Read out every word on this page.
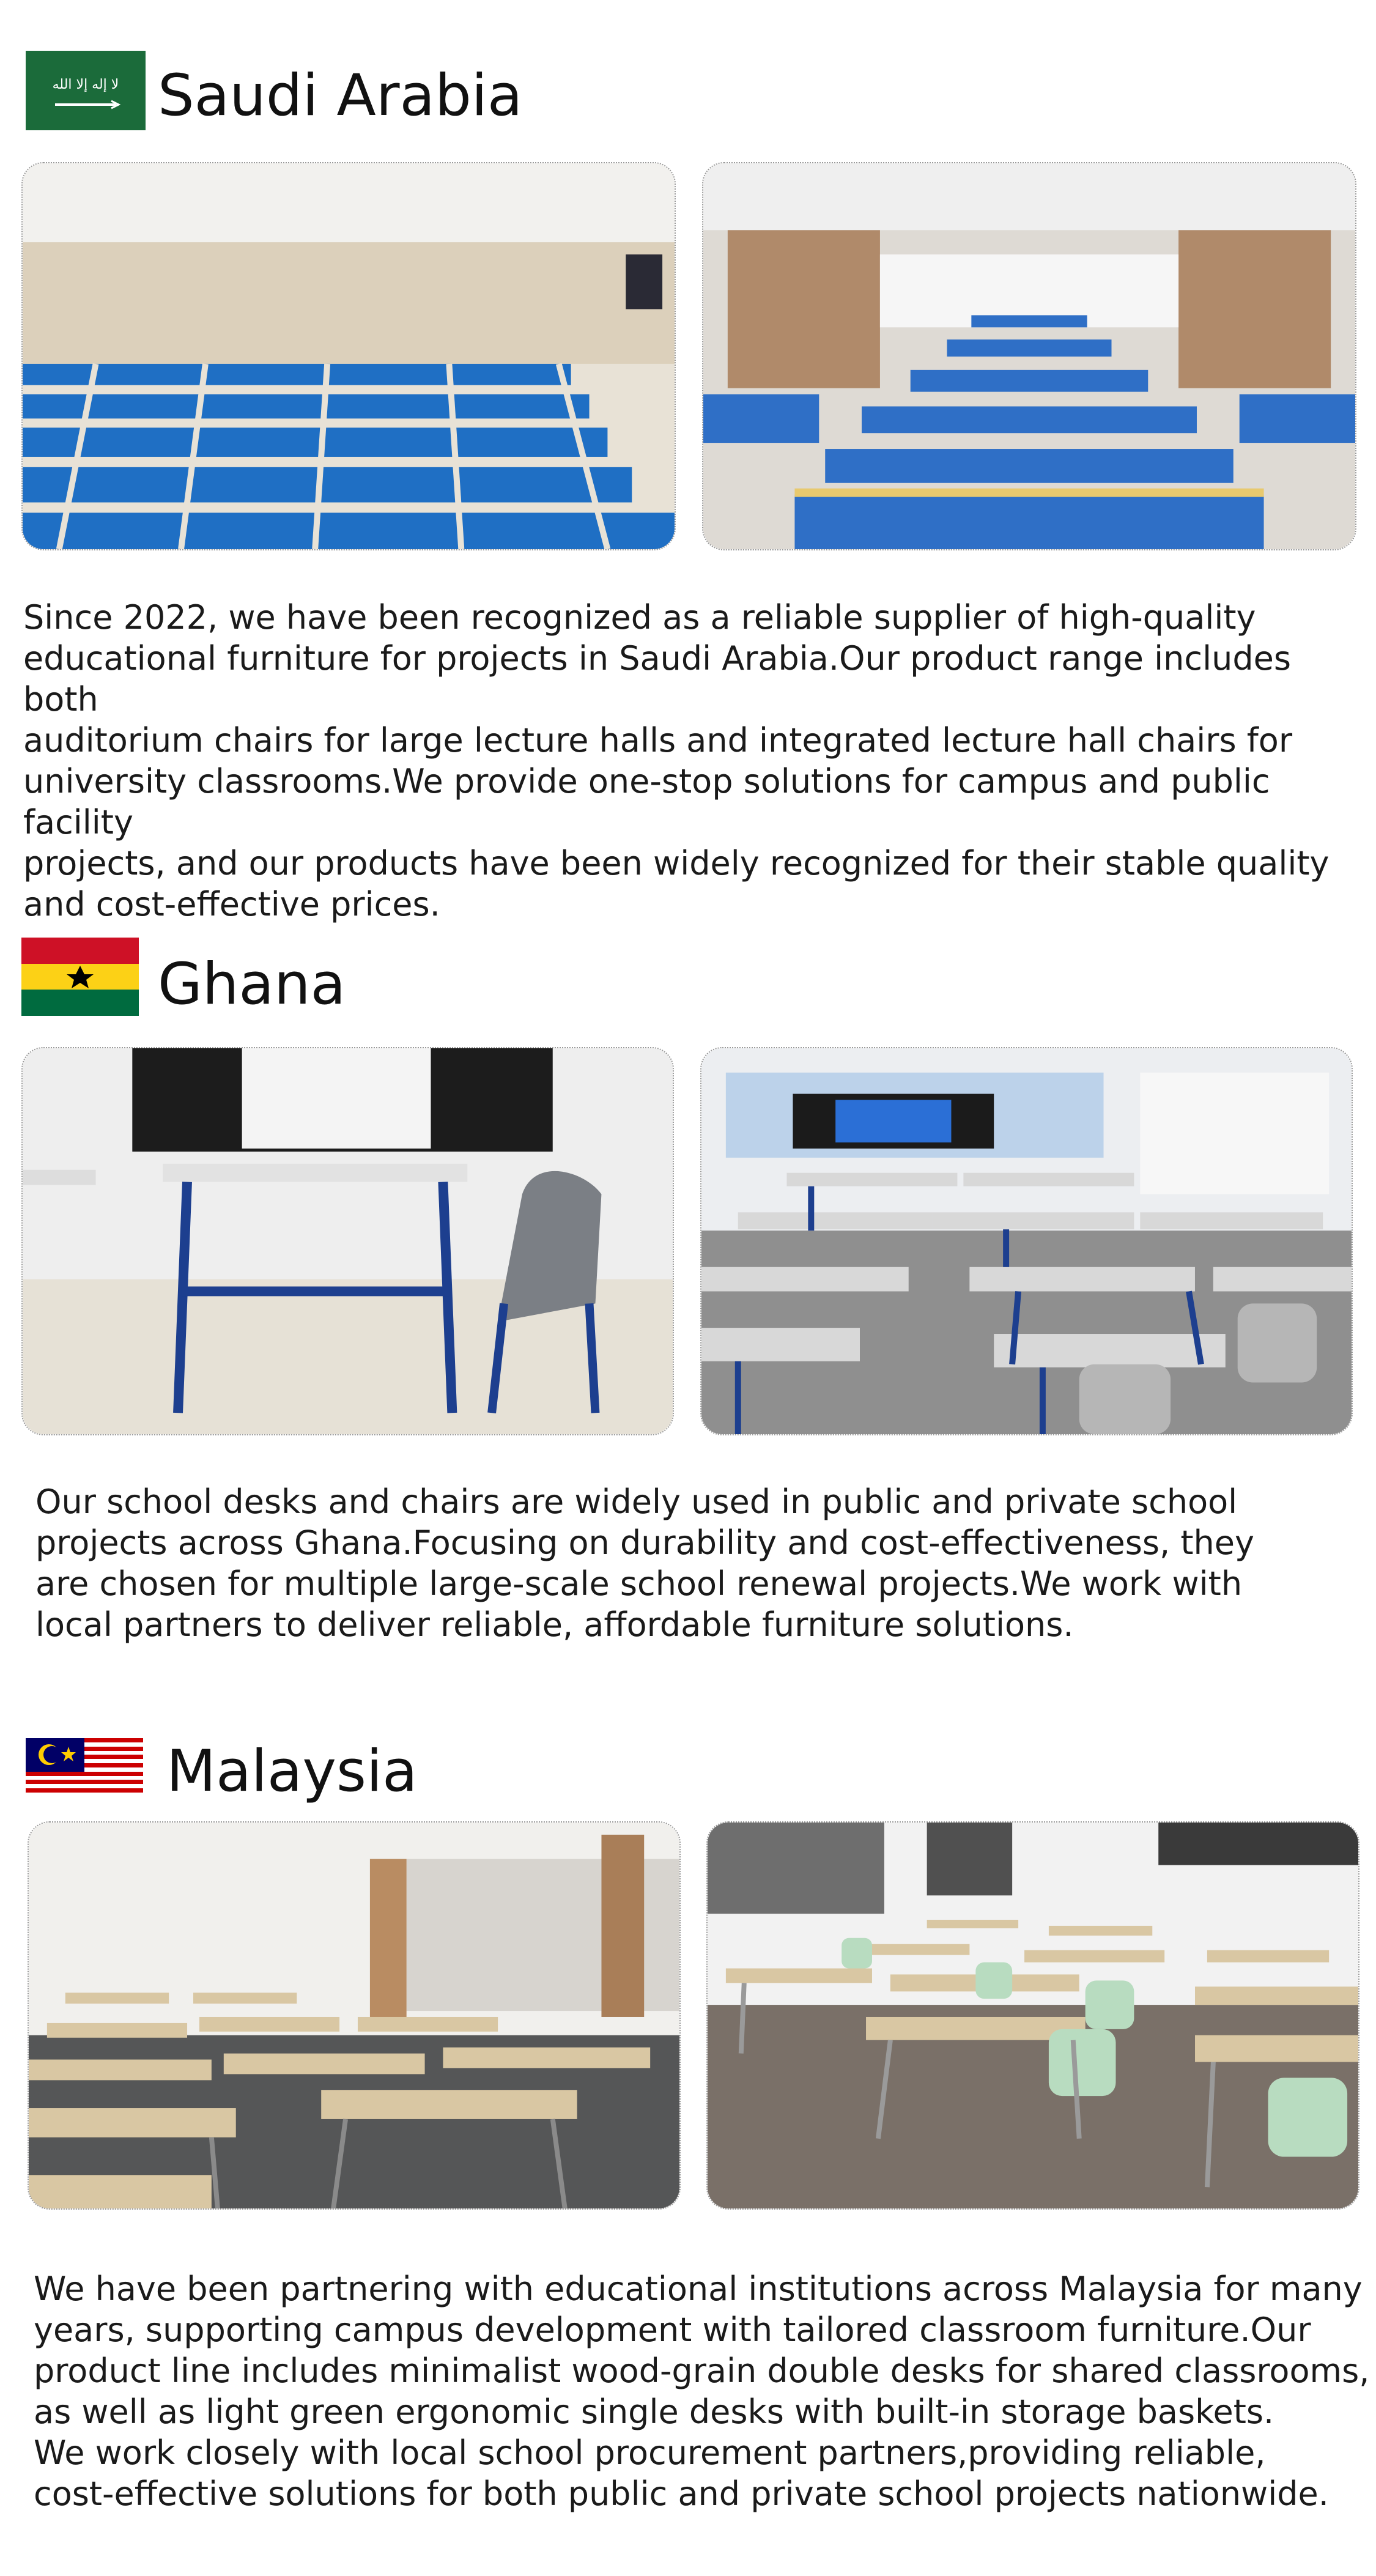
ﻻ ﺇﻟﻪ ﺇﻻ ﺍﻟﻠﻪ Saudi Arabia
Since 2022, we have been recognized as a reliable supplier of high-quality
educational furniture for projects in Saudi Arabia.Our product range includes both
auditorium chairs for large lecture halls and integrated lecture hall chairs for
university classrooms.We provide one-stop solutions for campus and public facility
projects, and our products have been widely recognized for their stable quality
and cost-effective prices.
Ghana
Our school desks and chairs are widely used in public and private school
projects across Ghana.Focusing on durability and cost-effectiveness, they
are chosen for multiple large-scale school renewal projects.We work with
local partners to deliver reliable, affordable furniture solutions.
Malaysia
We have been partnering with educational institutions across Malaysia for many
years, supporting campus development with tailored classroom furniture.Our
product line includes minimalist wood-grain double desks for shared classrooms,
as well as light green ergonomic single desks with built-in storage baskets.
We work closely with local school procurement partners,providing reliable,
cost-effective solutions for both public and private school projects nationwide.
